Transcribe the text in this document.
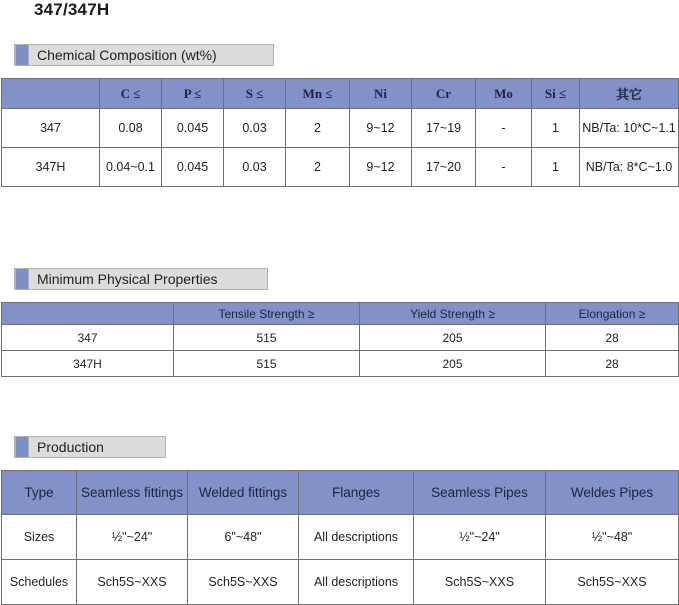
347/347H
Chemical Composition (wt%)
	C ≤	P ≤	S ≤	Mn ≤	Ni	Cr	Mo	Si ≤	其它
347	0.08	0.045	0.03	2	9~12	17~19	-	1	NB/Ta: 10*C~1.1
347H	0.04~0.1	0.045	0.03	2	9~12	17~20	-	1	NB/Ta: 8*C~1.0
Minimum Physical Properties
	Tensile Strength ≥	Yield Strength ≥	Elongation ≥
347	515	205	28
347H	515	205	28
Production
Type	Seamless fittings	Welded fittings	Flanges	Seamless Pipes	Weldes Pipes
Sizes	½"~24"	6"~48"	All descriptions	½"~24"	½"~48"
Schedules	Sch5S~XXS	Sch5S~XXS	All descriptions	Sch5S~XXS	Sch5S~XXS
